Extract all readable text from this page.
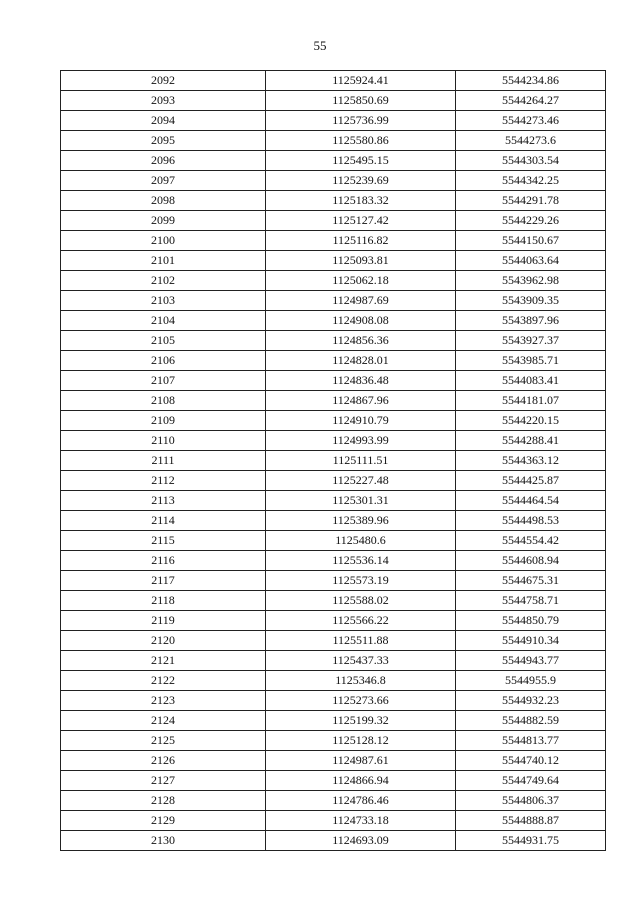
55
2092	1125924.41	5544234.86
2093	1125850.69	5544264.27
2094	1125736.99	5544273.46
2095	1125580.86	5544273.6
2096	1125495.15	5544303.54
2097	1125239.69	5544342.25
2098	1125183.32	5544291.78
2099	1125127.42	5544229.26
2100	1125116.82	5544150.67
2101	1125093.81	5544063.64
2102	1125062.18	5543962.98
2103	1124987.69	5543909.35
2104	1124908.08	5543897.96
2105	1124856.36	5543927.37
2106	1124828.01	5543985.71
2107	1124836.48	5544083.41
2108	1124867.96	5544181.07
2109	1124910.79	5544220.15
2110	1124993.99	5544288.41
2111	1125111.51	5544363.12
2112	1125227.48	5544425.87
2113	1125301.31	5544464.54
2114	1125389.96	5544498.53
2115	1125480.6	5544554.42
2116	1125536.14	5544608.94
2117	1125573.19	5544675.31
2118	1125588.02	5544758.71
2119	1125566.22	5544850.79
2120	1125511.88	5544910.34
2121	1125437.33	5544943.77
2122	1125346.8	5544955.9
2123	1125273.66	5544932.23
2124	1125199.32	5544882.59
2125	1125128.12	5544813.77
2126	1124987.61	5544740.12
2127	1124866.94	5544749.64
2128	1124786.46	5544806.37
2129	1124733.18	5544888.87
2130	1124693.09	5544931.75
